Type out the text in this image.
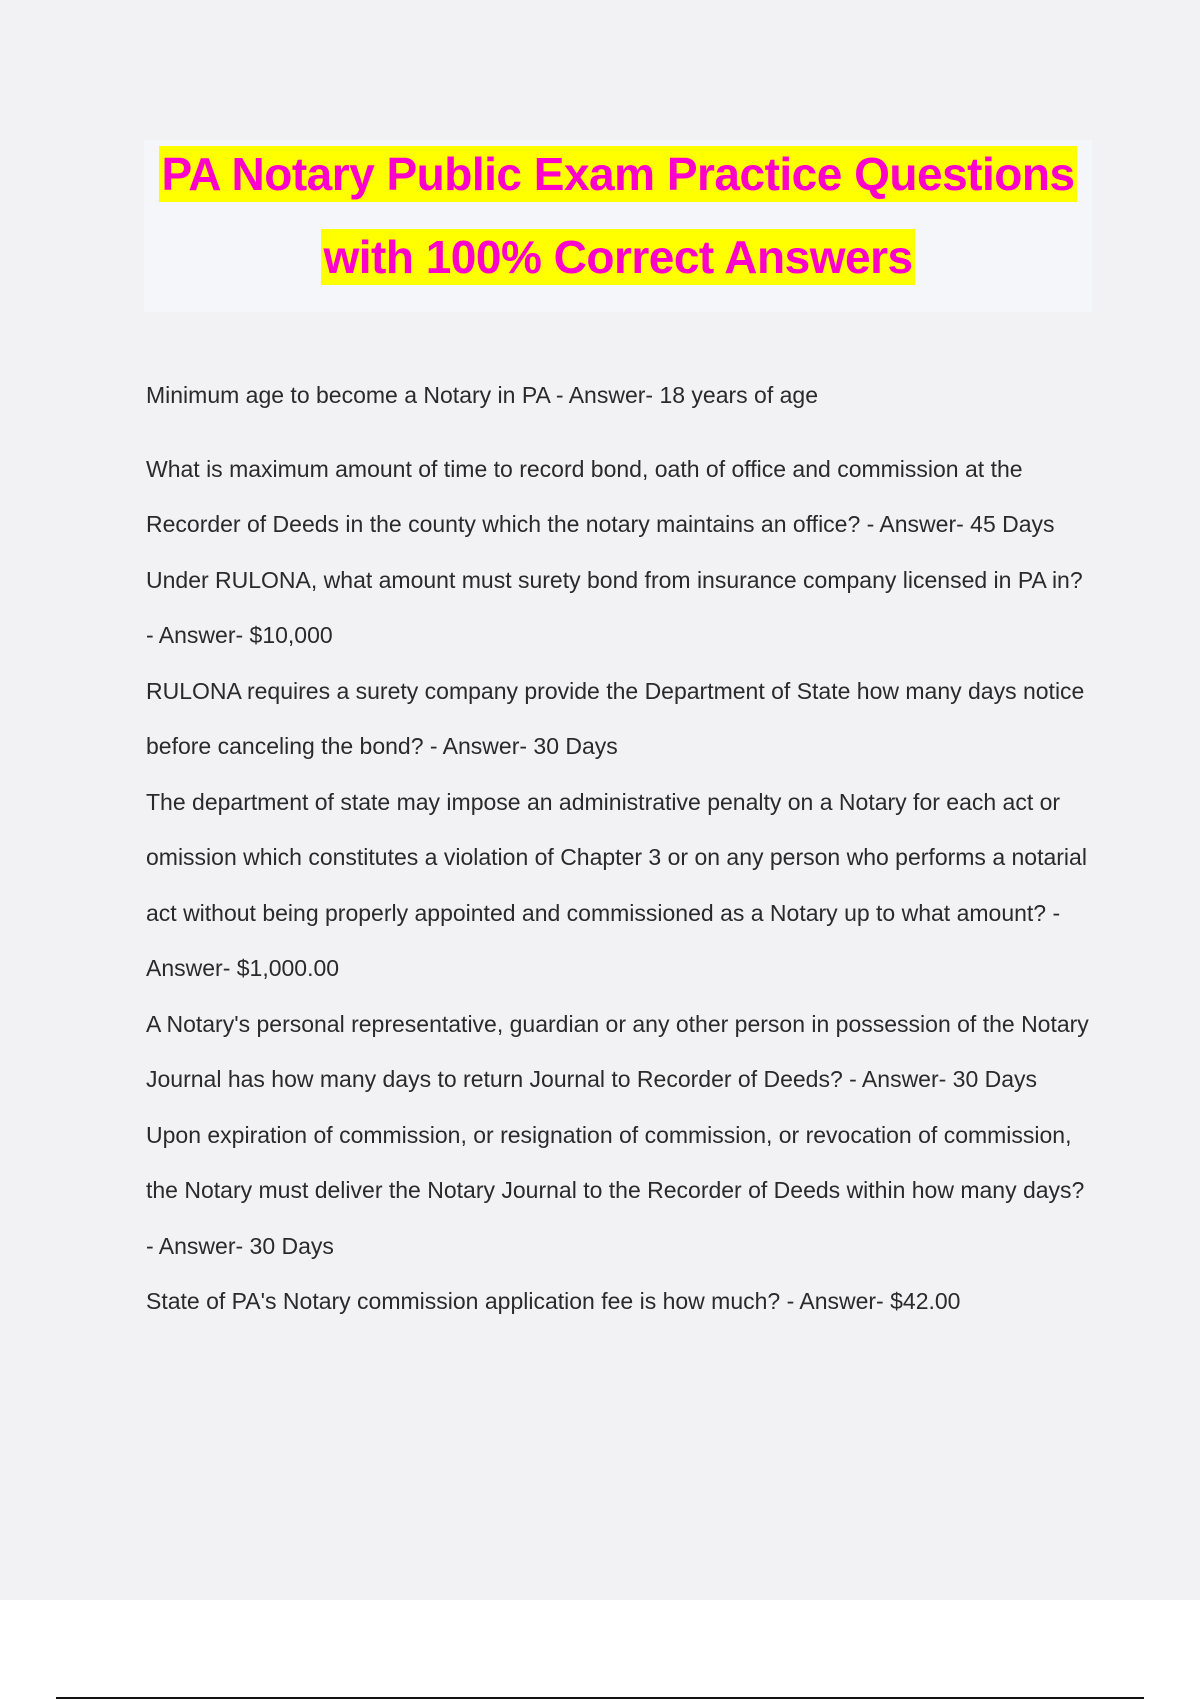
PA Notary Public Exam Practice Questions
with 100% Correct Answers
Minimum age to become a Notary in PA - Answer- 18 years of age
What is maximum amount of time to record bond, oath of office and commission at the Recorder of Deeds in the county which the notary maintains an office? - Answer- 45 Days
Under RULONA, what amount must surety bond from insurance company licensed in PA in? - Answer- $10,000
RULONA requires a surety company provide the Department of State how many days notice before canceling the bond? - Answer- 30 Days
The department of state may impose an administrative penalty on a Notary for each act or omission which constitutes a violation of Chapter 3 or on any person who performs a notarial act without being properly appointed and commissioned as a Notary up to what amount? - Answer- $1,000.00
A Notary's personal representative, guardian or any other person in possession of the Notary Journal has how many days to return Journal to Recorder of Deeds? - Answer- 30 Days
Upon expiration of commission, or resignation of commission, or revocation of commission, the Notary must deliver the Notary Journal to the Recorder of Deeds within how many days? - Answer- 30 Days
State of PA's Notary commission application fee is how much? - Answer- $42.00
